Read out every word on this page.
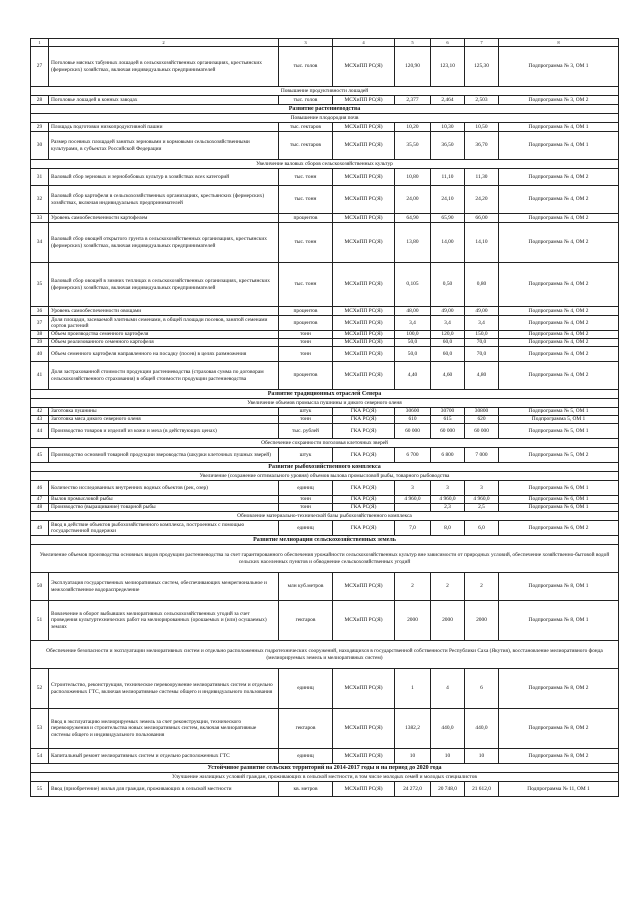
1	2	3	4	5	6	7	8
27	Поголовье мясных табунных лошадей в сельскохозяйственных организациях, крестьянских (фермерских) хозяйствах, включая индивидуальных предпринимателей	тыс. голов	МСХиПП РС(Я)	120,90	123,10	125,30	Подпрограмма № 3, ОМ 1
Повышение продуктивности лошадей							
28	Поголовье лошадей в конных заводах	тыс. голов	МСХиПП РС(Я)	2,377	2,464	2,503	Подпрограмма № 3, ОМ 2
Развитие растениеводства							
Повышение плодородия почв							
29	Площадь подготовки низкопродуктивной пашни	тыс. гектаров	МСХиПП РС(Я)	10,20	10,30	10,50	Подпрограмма № 4, ОМ 1
30	Размер посевных площадей занятых зерновыми и кормовыми сельскохозяйственными культурами, в субъектах Российской Федерации	тыс. гектаров	МСХиПП РС(Я)	35,50	36,50	36,70	Подпрограмма № 4, ОМ 1
Увеличение валовых сборов сельскохозяйственных культур							
31	Валовый сбор зерновых и зернобобовых культур в хозяйствах всех категорий	тыс. тонн	МСХиПП РС(Я)	10,80	11,10	11,30	Подпрограмма № 4, ОМ 2
32	Валовый сбор картофеля в сельскохозяйственных организациях, крестьянских (фермерских) хозяйствах, включая индивидуальных предпринимателей	тыс. тонн	МСХиПП РС(Я)	24,00	24,10	24,20	Подпрограмма № 4, ОМ 2
33	Уровень самообеспеченности картофелем	процентов	МСХиПП РС(Я)	64,90	65,90	66,00	Подпрограмма № 4, ОМ 2
34	Валовый сбор овощей открытого грунта в сельскохозяйственных организациях, крестьянских (фермерских) хозяйствах, включая индивидуальных предпринимателей	тыс. тонн	МСХиПП РС(Я)	13,80	14,00	14,10	Подпрограмма № 4, ОМ 2
35	Валовый сбор овощей в зимних теплицах в сельскохозяйственных организациях, крестьянских (фермерских) хозяйствах, включая индивидуальных предпринимателей	тыс. тонн	МСХиПП РС(Я)	0,105	0,50	0,80	Подпрограмма № 4, ОМ 2
36	Уровень самообеспеченности овощами	процентов	МСХиПП РС(Я)	48,00	49,00	49,00	Подпрограмма № 4, ОМ 2
37	Доля площади, засеваемой элитными семенами, в общей площади посевов, занятой семенами сортов растений	процентов	МСХиПП РС(Я)	3,4	3,4	3,4	Подпрограмма № 4, ОМ 2
38	Объем производства семенного картофеля	тонн	МСХиПП РС(Я)	100,0	120,0	150,0	Подпрограмма № 4, ОМ 2
39	Объем реализованного семенного картофеля	тонн	МСХиПП РС(Я)	50,0	60,0	70,0	Подпрограмма № 4, ОМ 2
40	Объем семенного картофеля направленного на посадку (посев) в целях размножения	тонн	МСХиПП РС(Я)	50,0	60,0	70,0	Подпрограмма № 4, ОМ 2
41	Доля застрахованной стоимости продукции растениеводства (страховая сумма по договорам сельскохозяйственного страхования) в общей стоимости продукции растениеводства	процентов	МСХиПП РС(Я)	4,40	4,60	4,80	Подпрограмма № 4, ОМ 2
Развитие традиционных отраслей Севера							
Увеличение объемов промысла пушнины и дикого северного оленя							
42	Заготовка пушнины	штук	ГКА РС(Я)	30600	30700	30800	Подпрограмма № 5, ОМ 1
43	Заготовка мяса дикого северного оленя	тонн	ГКА РС(Я)	610	615	620	Подпрограмма 5, ОМ 1
44	Производство товаров и изделий из кожи и меха (в действующих ценах)	тыс. рублей	ГКА РС(Я)	60 000	60 000	60 000	Подпрограмма № 5, ОМ 1
Обеспечение сохранности поголовья клеточных зверей							
45	Производство основной товарной продукции звероводства (шкурки клеточных пушных зверей)	штук	ГКА РС(Я)	6 700	6 800	7 000	Подпрограмма № 5, ОМ 2
Развитие рыбохозяйственного комплекса							
Увеличение (сохранение оптимального уровня) объемов вылова промысловой рыбы, товарного рыбоводства							
46	Количество исследованных внутренних водных объектов (рек, озер)	единиц	ГКА РС(Я)	3	3	3	Подпрограмма № 6, ОМ 1
47	Вылов промысловой рыбы	тонн	ГКА РС(Я)	4 960,0	4 960,0	4 960,0	Подпрограмма № 6, ОМ 1
48	Производство (выращивание) товарной рыбы	тонн	ГКА РС(Я)		2,3	2,5	Подпрограмма № 6, ОМ 1
Обновление материально-технической базы рыбохозяйственного комплекса							
49	Ввод в действие объектов рыбохозяйственного комплекса, построенных с помощью государственной поддержки	единиц	ГКА РС(Я)	7,0	8,0	6,0	Подпрограмма № 6, ОМ 2
Развитие мелиорации сельскохозяйственных земель							
Увеличение объемов производства основных видов продукции растениеводства за счет гарантированного обеспечения урожайности сельскохозяйственных культур вне зависимости от природных условий, обеспечение хозяйственно-бытовой водой сельских населенных пунктов и обводнение сельскохозяйственных угодий							
50	Эксплуатация государственных мелиоративных систем, обеспечивающих межрегиональное и межхозяйственное водораспределение	млн куб.метров	МСХиПП РС(Я)	2	2	2	Подпрограмма № 8, ОМ 1
51	Вовлечение в оборот выбывших мелиоративных сельскохозяйственных угодий за счет проведения культуртехнических работ на мелиорированных (орошаемых и (или) осушаемых) землях	гектаров	МСХиПП РС(Я)	2000	2000	2000	Подпрограмма № 8, ОМ 1
Обеспечение безопасности и эксплуатации мелиоративных систем и отдельно расположенных гидротехнических сооружений, находящихся в государственной собственности Республики Саха (Якутия), восстановление мелиоративного фонда (мелиорируемых земель и мелиоративных систем)							
52	Строительство, реконструкция, техническое перевооружение мелиоративных систем и отдельно расположенных ГТС, включая мелиоративные системы общего и индивидуального пользования	единиц	МСХиПП РС(Я)	1	4	6	Подпрограмма № 8, ОМ 2
53	Ввод в эксплуатацию мелиорируемых земель за счет реконструкции, технического перевооружения и строительства новых мелиоративных систем, включая мелиоративные системы общего и индивидуального пользования	гектаров	МСХиПП РС(Я)	1382,2	440,0	440,0	Подпрограмма № 8, ОМ 2
54	Капитальный ремонт мелиоративных систем и отдельно расположенных ГТС	единиц	МСХиПП РС(Я)	10	10	10	Подпрограмма № 8, ОМ 2
Устойчивое развитие сельских территорий на 2014-2017 годы и на период до 2020 года							
Улучшение жилищных условий граждан, проживающих в сельской местности, в том числе молодых семей и молодых специалистов							
55	Ввод (приобретение) жилья для граждан, проживающих в сельской местности	кв. метров	МСХиПП РС(Я)	24 272,0	20 748,0	21 612,0	Подпрограмма № 11, ОМ 1
